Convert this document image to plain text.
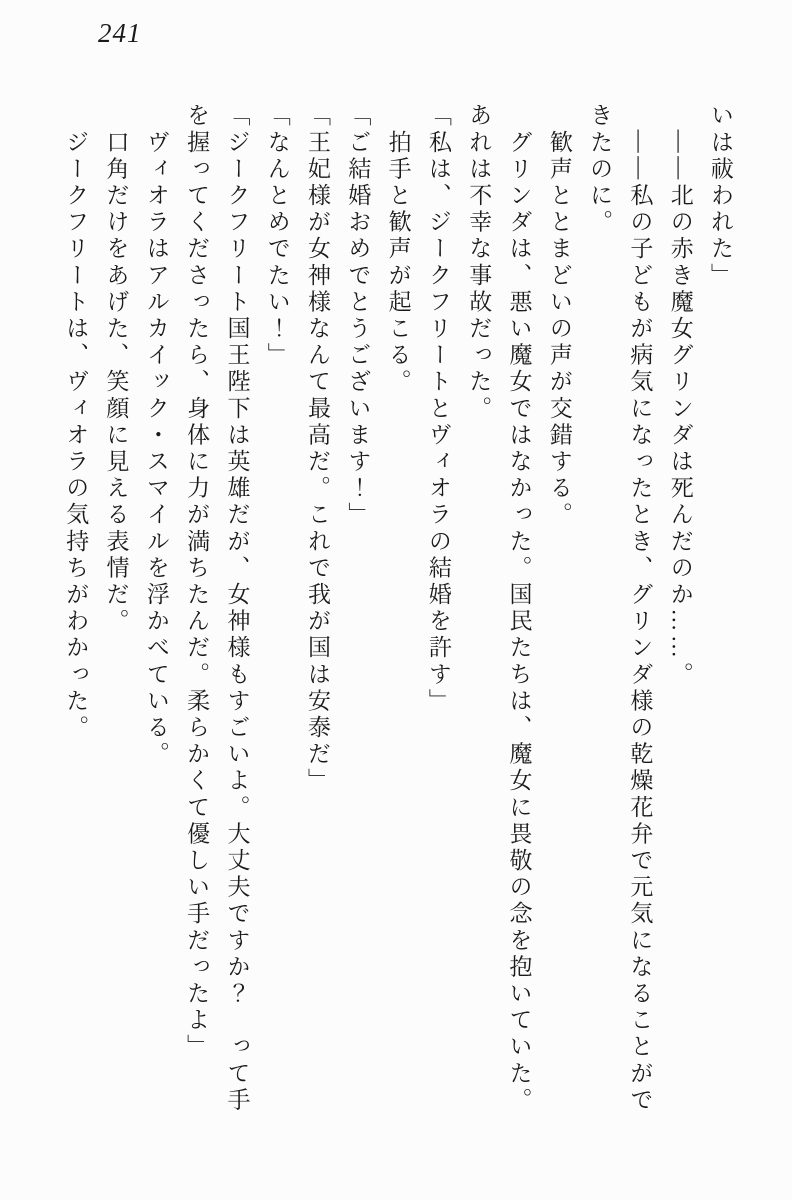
241

いは祓われた」

　――北の赤き魔女グリンダは死んだのか……。

　――私の子どもが病気になったとき、グリンダ様の乾燥花弁で元気になることがで

きたのに。

　歓声ととまどいの声が交錯する。

　グリンダは、悪い魔女ではなかった。国民たちは、魔女に畏敬の念を抱いていた。

あれは不幸な事故だった。

「私は、ジークフリートとヴィオラの結婚を許す」

　拍手と歓声が起こる。

「ご結婚おめでとうございます！」

「王妃様が女神様なんて最高だ。これで我が国は安泰だ」

「なんとめでたい！」

「ジークフリート国王陛下は英雄だが、女神様もすごいよ。大丈夫ですか？　って手

を握ってくださったら、身体に力が満ちたんだ。柔らかくて優しい手だったよ」

　ヴィオラはアルカイック・スマイルを浮かべている。

　口角だけをあげた、笑顔に見える表情だ。

　ジークフリートは、ヴィオラの気持ちがわかった。
